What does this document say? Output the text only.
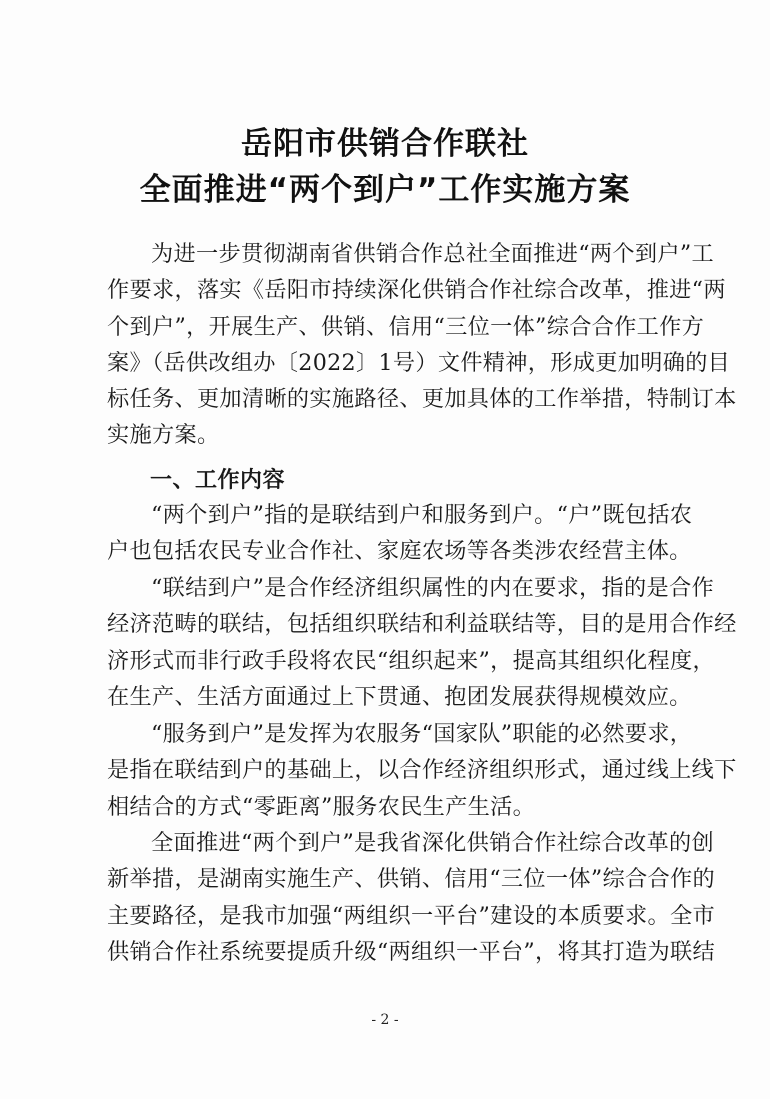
岳阳市供销合作联社
全面推进“两个到户”工作实施方案
为进一步贯彻湖南省供销合作总社全面推进“两个到户”工
作要求，落实《岳阳市持续深化供销合作社综合改革，推进“两
个到户”，开展生产、供销、信用“三位一体”综合合作工作方
案》（岳供改组办〔2022〕1号）文件精神，形成更加明确的目
标任务、更加清晰的实施路径、更加具体的工作举措，特制订本
实施方案。
一、工作内容
“两个到户”指的是联结到户和服务到户。“户”既包括农
户也包括农民专业合作社、家庭农场等各类涉农经营主体。
“联结到户”是合作经济组织属性的内在要求，指的是合作
经济范畴的联结，包括组织联结和利益联结等，目的是用合作经
济形式而非行政手段将农民“组织起来”，提高其组织化程度，
在生产、生活方面通过上下贯通、抱团发展获得规模效应。
“服务到户”是发挥为农服务“国家队”职能的必然要求，
是指在联结到户的基础上，以合作经济组织形式，通过线上线下
相结合的方式“零距离”服务农民生产生活。
全面推进“两个到户”是我省深化供销合作社综合改革的创
新举措，是湖南实施生产、供销、信用“三位一体”综合合作的
主要路径，是我市加强“两组织一平台”建设的本质要求。全市
供销合作社系统要提质升级“两组织一平台”，将其打造为联结
- 2 -
